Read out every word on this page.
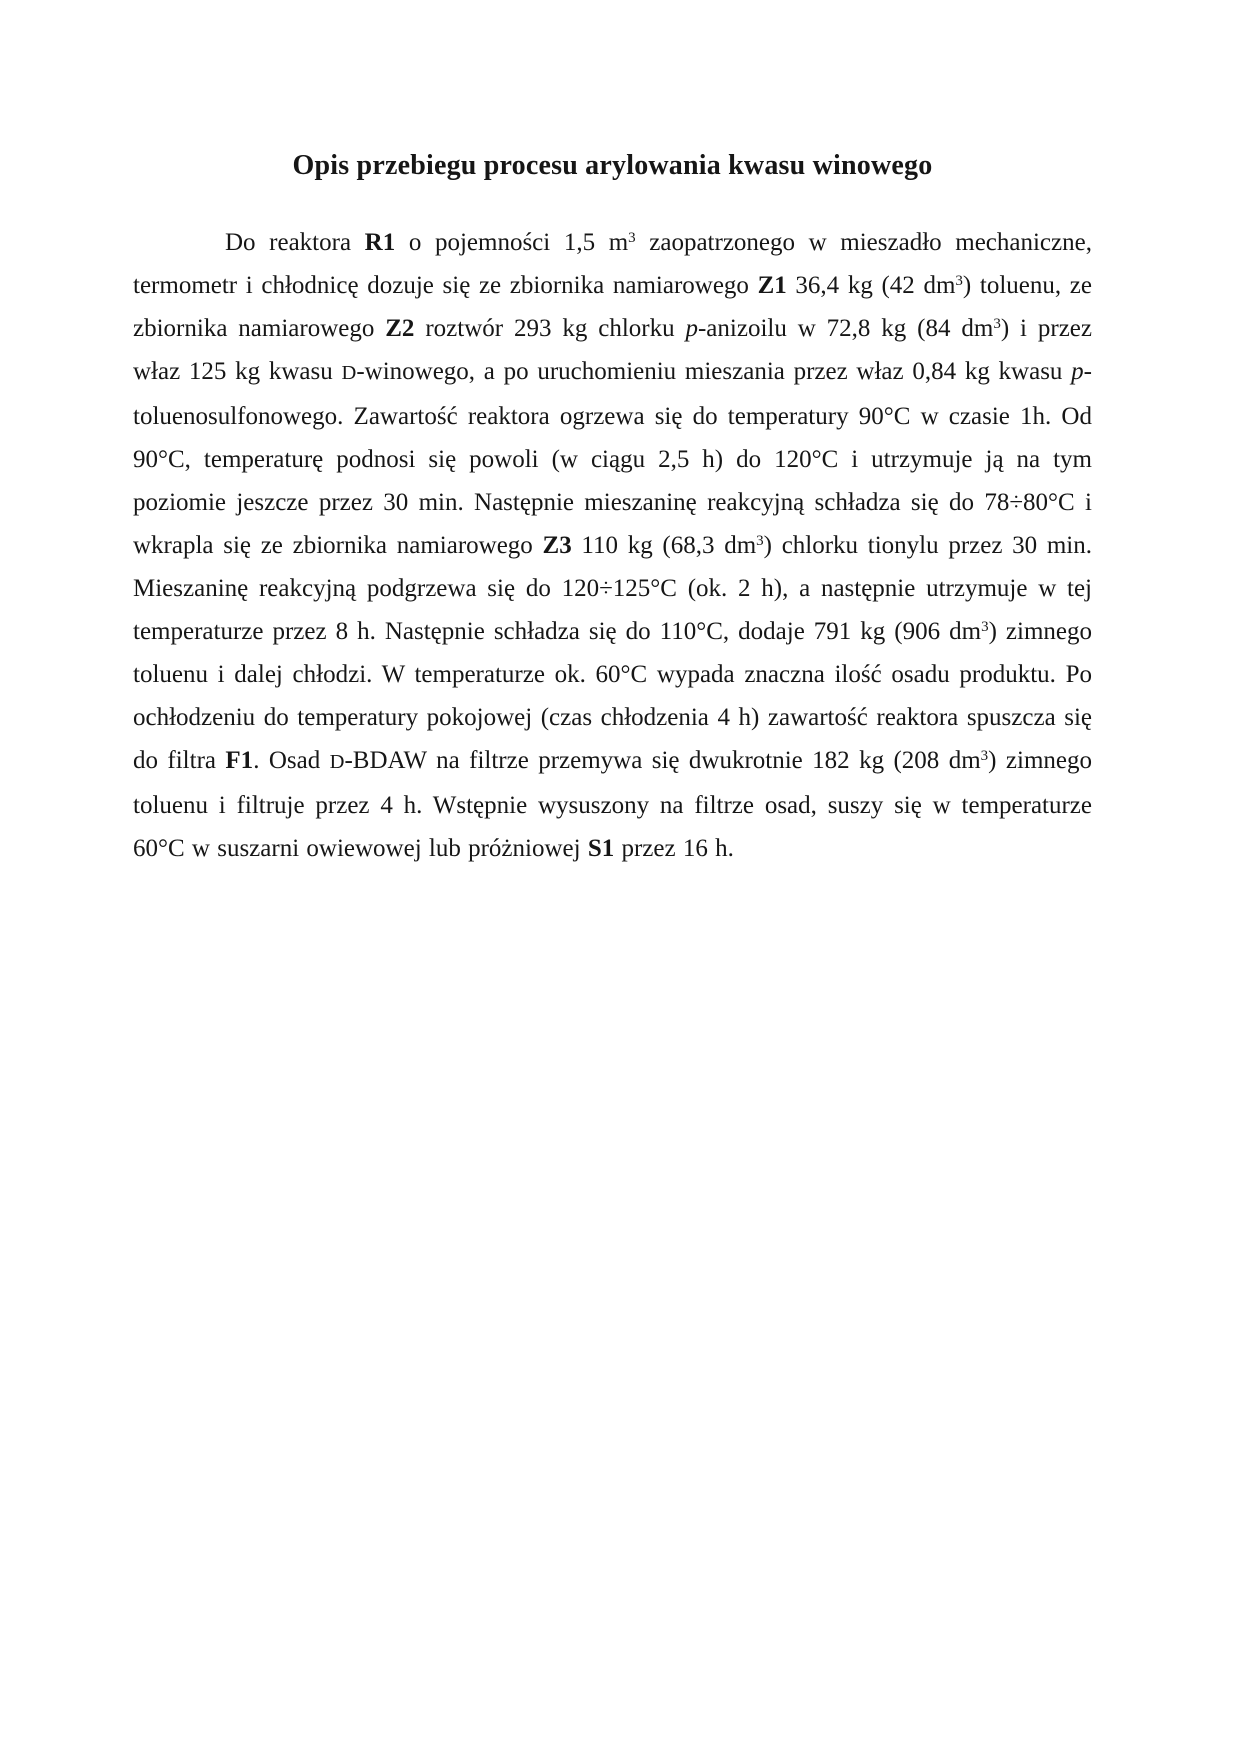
Opis przebiegu procesu arylowania kwasu winowego

Do reaktora R1 o pojemności 1,5 $m^3$ zaopatrzonego w mieszadło mechaniczne, termometr i chłodnicę dozuje się ze zbiornika namiarowego Z1 36,4 kg (42 $dm^3$) toluenu, ze zbiornika namiarowego Z2 roztwór 293 kg chlorku p-anizoilu w 72,8 kg (84 $dm^3$) i przez właz 125 kg kwasu D-winowego, a po uruchomieniu mieszania przez właz 0,84 kg kwasu p-toluenosulfonowego. Zawartość reaktora ogrzewa się do temperatury 90°C w czasie 1h. Od 90°C, temperaturę podnosi się powoli (w ciągu 2,5 h) do 120°C i utrzymuje ją na tym poziomie jeszcze przez 30 min. Następnie mieszaninę reakcyjną schładza się do 78÷80°C i wkrapla się ze zbiornika namiarowego Z3 110 kg (68,3 $dm^3$) chlorku tionylu przez 30 min. Mieszaninę reakcyjną podgrzewa się do 120÷125°C (ok. 2 h), a następnie utrzymuje w tej temperaturze przez 8 h. Następnie schładza się do 110°C, dodaje 791 kg (906 $dm^3$) zimnego toluenu i dalej chłodzi. W temperaturze ok. 60°C wypada znaczna ilość osadu produktu. Po ochłodzeniu do temperatury pokojowej (czas chłodzenia 4 h) zawartość reaktora spuszcza się do filtra F1. Osad D-BDAW na filtrze przemywa się dwukrotnie 182 kg (208 $dm^3$) zimnego toluenu i filtruje przez 4 h. Wstępnie wysuszony na filtrze osad, suszy się w temperaturze 60°C w suszarni owiewowej lub próżniowej S1 przez 16 h.
